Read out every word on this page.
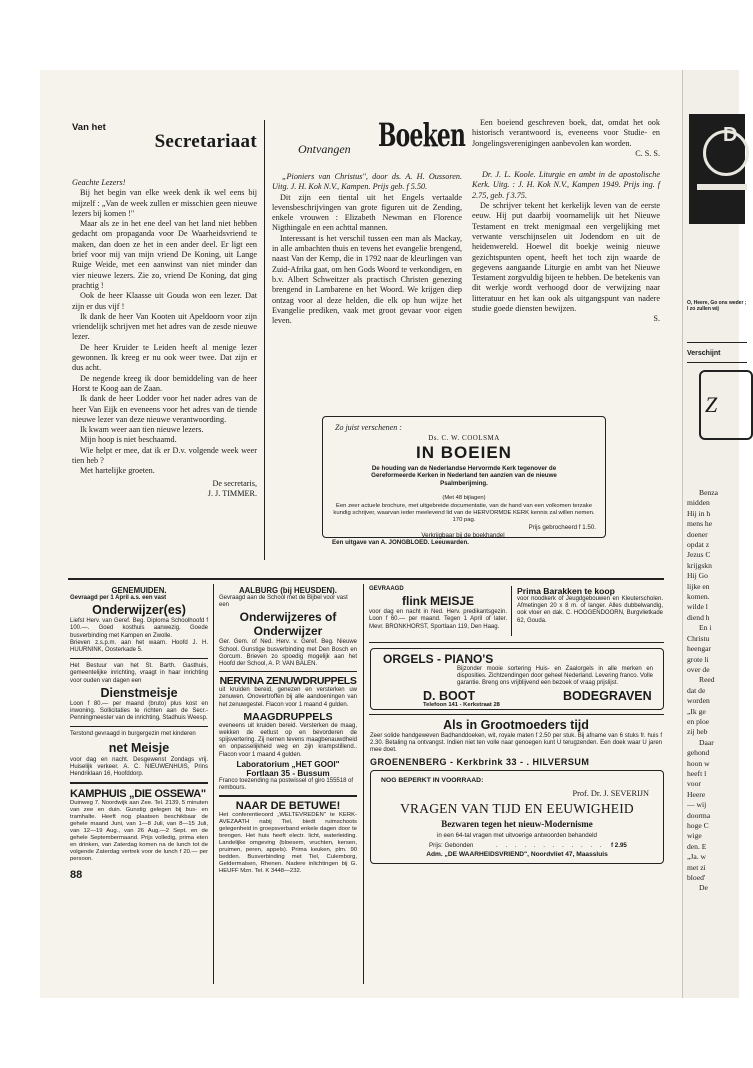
Van het
Secretariaat

Geachte Lezers!

Bij het begin van elke week denk ik wel eens bij mijzelf : „Van de week zullen er misschien geen nieuwe lezers bij komen !"

Maar als ze in het ene deel van het land niet hebben gedacht om propaganda voor De Waarheidsvriend te maken, dan doen ze het in een ander deel. Er ligt een brief voor mij van mijn vriend De Koning, uit Lange Ruige Weide, met een aanwinst van niet minder dan vier nieuwe lezers. Zie zo, vriend De Koning, dat ging prachtig !

Ook de heer Klaasse uit Gouda won een lezer. Dat zijn er dus vijf !

Ik dank de heer Van Kooten uit Apeldoorn voor zijn vriendelijk schrijven met het adres van de zesde nieuwe lezer.

De heer Kruider te Leiden heeft al menige lezer gewonnen. Ik kreeg er nu ook weer twee. Dat zijn er dus acht.

De negende kreeg ik door bemiddeling van de heer Horst te Koog aan de Zaan.

Ik dank de heer Lodder voor het nader adres van de heer Van Eijk en eveneens voor het adres van de tiende nieuwe lezer van deze nieuwe verantwoording.

Ik kwam weer aan tien nieuwe lezers.

Mijn hoop is niet beschaamd.

Wie helpt er mee, dat ik er D.v. volgende week weer tien heb ?

Met hartelijke groeten.

De secretaris,
J. J. TIMMER.
Ontvangen Boeken

„Pioniers van Christus", door ds. A. H. Oussoren. Uitg. J. H. Kok N.V., Kampen. Prijs geb. f 5.50.

Dit zijn een tiental uit het Engels vertaalde levensbeschrijvingen van grote figuren uit de Zending, enkele vrouwen : Elizabeth Newman en Florence Nigthingale en een achttal mannen.

Interessant is het verschil tussen een man als Mackay, in alle ambachten thuis en tevens het evangelie brengend, naast Van der Kemp, die in 1792 naar de kleurlingen van Zuid-Afrika gaat, om hen Gods Woord te verkondigen, en b.v. Albert Schweitzer als practisch Christen genezing brengend in Lambarene en het Woord. We krijgen diep ontzag voor al deze helden, die elk op hun wijze het Evangelie prediken, vaak met groot gevaar voor eigen leven.

Een boeiend geschreven boek, dat, omdat het ook historisch verantwoord is, eveneens voor Studie- en Jongelingsverenigingen aanbevolen kan worden.

C. S. S.

Dr. J. L. Koole. Liturgie en ambt in de apostolische Kerk. Uitg. : J. H. Kok N.V., Kampen 1949. Prijs ing. f 2.75, geb. f 3.75.

De schrijver tekent het kerkelijk leven van de eerste eeuw. Hij put daarbij voornamelijk uit het Nieuwe Testament en trekt menigmaal een vergelijking met verwante verschijnselen uit Jodendom en uit de heidenwereld. Hoewel dit boekje weinig nieuwe gezichtspunten opent, heeft het toch zijn waarde de gegevens aangaande Liturgie en ambt van het Nieuwe Testament zorgvuldig bijeen te hebben. De betekenis van dit werkje wordt verhoogd door de verwijzing naar litteratuur en het kan ook als uitgangspunt van nadere studie goede diensten bewijzen.

S.
Zo juist verschenen :
Ds. C. W. COOLSMA
IN BOEIEN
De houding van de Nederlandse Hervormde Kerk tegenover de Gereformeerde Kerken in Nederland ten aanzien van de nieuwe Psalmberijming.
(Met 48 bijlagen)
Een zeer actuele brochure, met uitgebreide documentatie, van de hand van een volkomen terzake kundig schrijver, waarvan ieder meelevend lid van de HERVORMDE KERK kennis zal willen nemen. 170 pag.
Prijs gebrocheerd f 1.50.
Verkrijgbaar bij de boekhandel
Een uitgave van A. JONGBLOED. Leeuwarden.
GENEMUIDEN.
Gevraagd per 1 April a.s. een vast
Onderwijzer(es)
Liefst Herv. van Geref. Beg. Diploma Schoolhoofd f 100.—. Goed kosthuis aanwezig. Goede busverbinding met Kampen en Zwolle.
Brieven z.s.p.m. aan het waarn. Hoofd J. H. HUURNINK, Oosterkade 5.
Het Bestuur van het St. Barth. Gasthuis, gemeentelijke inrichting, vraagt in haar inrichting voor ouden van dagen een
Dienstmeisje
Loon f 80.— per maand (bruto) plus kost en inwoning. Sollicitaties te richten aan de Secr.-Penningmeester van de inrichting, Stadhuis Weesp.
Terstond gevraagd in burgergezin met kinderen
net Meisje
voor dag en nacht. Desgewenst Zondags vrij. Huiselijk verkeer. A. C. NIEUWENHUIS, Prins Hendriklaan 16, Hoofddorp.
KAMPHUIS „DIE OSSEWA"
Duinweg 7. Noordwijk aan Zee. Tel. 2139, 5 minuten van zee en duin. Gunstig gelegen bij bus- en tramhalte. Heeft nog plaatsen beschikbaar de gehele maand Juni, van 1—8 Juli, van 8—15 Juli, van 12—19 Aug., van 26 Aug.—2 Sept. en de gehele Septembermaand. Prijs volledig, prima eten en drinken, van Zaterdag komen na de lunch tot de volgende Zaterdag vertrek voor de lunch f 20.— per persoon.
88
AALBURG (bij HEUSDEN).
Gevraagd aan de School met de Bijbel voor vast een
Onderwijzeres of Onderwijzer
Ger. Gem. of Ned. Herv. v. Geref. Beg. Nieuwe School. Gunstige busverbinding met Den Bosch en Gorcum. Brieven zo spoedig mogelijk aan het Hoofd der School, A. P. VAN BALEN.
NERVINA ZENUWDRUPPELS
uit kruiden bereid, genezen en versterken uw zenuwen. Onovertroffen bij alle aandoeningen van het zenuwgestel. Flacon voor 1 maand 4 gulden.
MAAGDRUPPELS
eveneens uit kruiden bereid. Versterken de maag, wekken de eetlust op en bevorderen de spijsvertering. Zij nemen tevens maagbenauwdheid en onpasselijkheid weg en zijn krampstillend.. Flacon voor 1 maand 4 gulden.
Laboratorium „HET GOOI"
Fortlaan 35 - Bussum
Franco toezending na postwissel of giro 155518 of rembours.
NAAR DE BETUWE!
Het conferentieoord „WELTEVREDEN" te KERK-AVEZAATH nabij Tiel, biedt ruimschoots gelegenheid in groepsverband enkele dagen door te brengen. Het huis heeft electr. licht, waterleiding. Landelijke omgeving (bloesem, vruchten, kersen, pruimen, peren, appels). Prima keuken, plm. 90 bedden. Busverbinding met Tiel, Culemborg, Geldermalsen, Rhenen. Nadere inlichtingen bij G. HEUFF Mzn. Tel. K 3448—232.
GEVRAAGD
flink MEISJE
voor dag en nacht in Ned. Herv. predikantsgezin. Loon f 60.— per maand. Tegen 1 April of later. Mevr. BRONKHORST, Sportlaan 119, Den Haag.
Prima Barakken te koop
voor noodkerk of Jeugdgebouwen en Kleuterscholen. Afmetingen 20 x 8 m. of langer. Alles dubbelwandig, ook vloer en dak. C. HOOGENDOORN, Burgvlietkade 62, Gouda.
ORGELS - PIANO'S
Bijzonder mooie sortering Huis- en Zaalorgels in alle merken en disposities. Zichtzendingen door geheel Nederland. Levering franco. Volle garantie. Breng ons vrijblijvend een bezoek of vraag prijslijst.
D. BOOT	BODEGRAVEN
Telefoon 141 - Kerkstraat 28
Als in Grootmoeders tijd
Zeer solide handgeweven Badhanddoeken, wit, royale maten f 2.50 per stuk. Bij afname van 6 stuks fr. huis f 2.30. Betaling na ontvangst. Indien niet ten volle naar genoegen kunt U terugzenden. Een doek waar U jaren mee doet.
GROENENBERG - Kerkbrink 33 - . HILVERSUM
NOG BEPERKT IN VOORRAAD:
Prof. Dr. J. SEVERIJN
VRAGEN VAN TIJD EN EEUWIGHEID
Bezwaren tegen het nieuw-Modernisme
in een 64-tal vragen met uitvoerige antwoorden behandeld
Prijs: Gebonden	. . . . . . . . . . . . f 2.95
Adm. „DE WAARHEIDSVRIEND", Noordvliet 47, Maassluis
D
O, Heere, Go ons weder ; l zo zullen wij
Verschijnt
Z
Benza
midden
Hij in h
mens he
doener
opdat z
Jezus C
krijgskn
Hij Go
lijke en
komen.
wilde l
diend h
En i
Christu
heengar
grote li
over de
Reed
dat de
worden
„Ik ge
en ploe
zij heb
Daar
gehond
hoon w
heeft l
voor
Heere
— wij
doorma
hoge C
wige
den. E
„Ja. w
met zi
bloed'
De
